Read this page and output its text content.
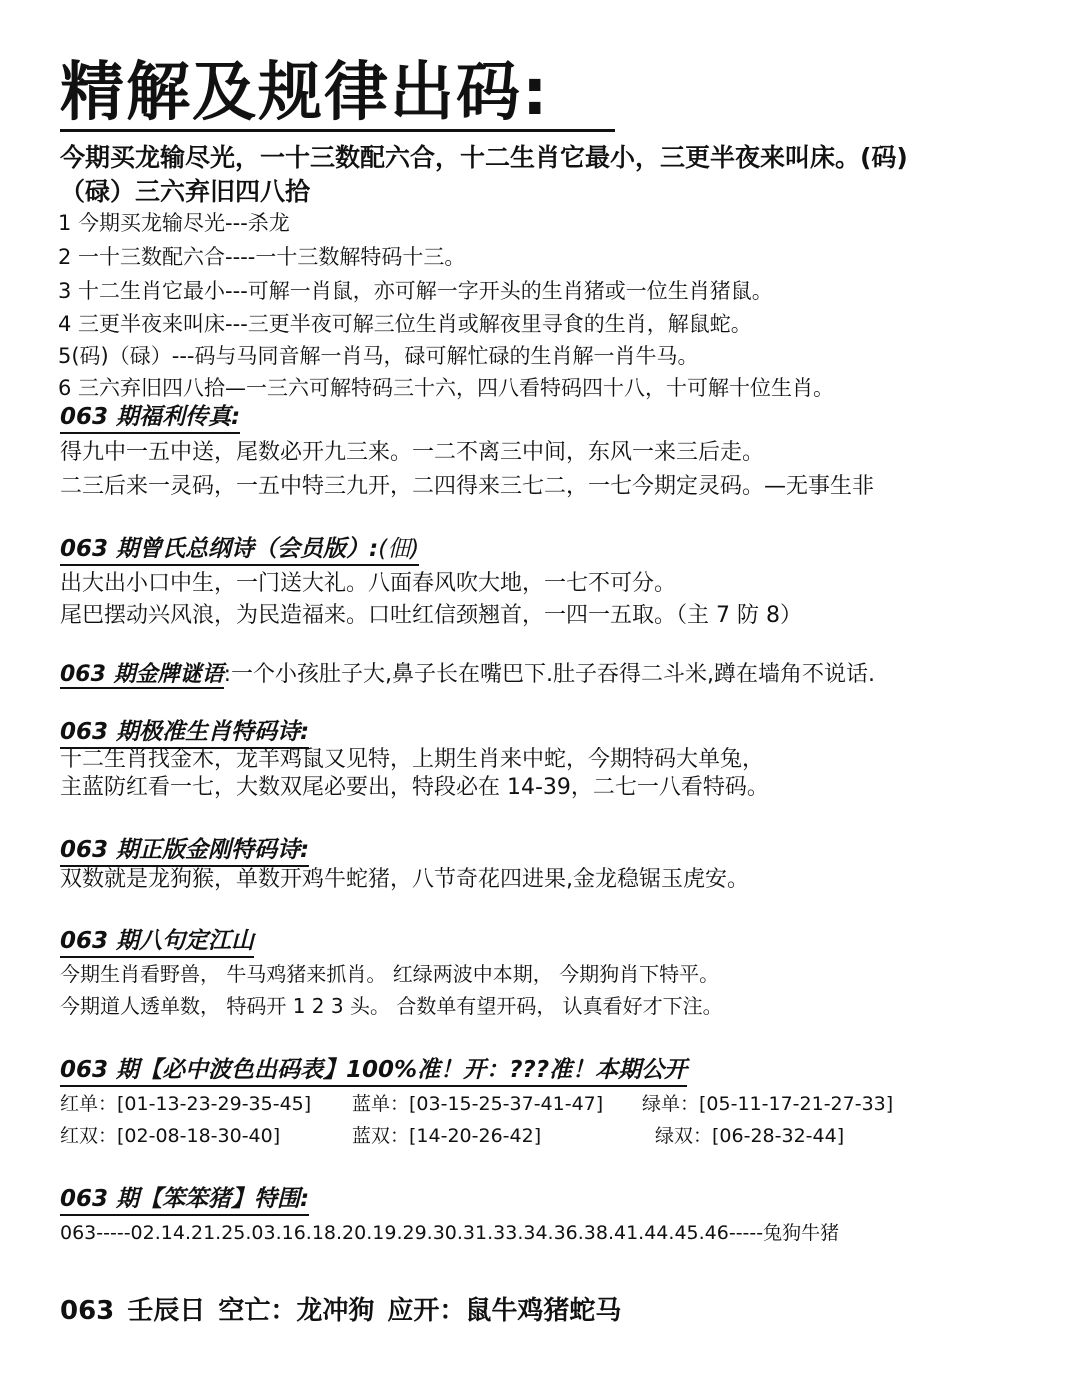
精解及规律出码:
今期买龙输尽光，一十三数配六合，十二生肖它最小，三更半夜来叫床。(码)
（碌）三六弃旧四八拾
1 今期买龙输尽光---杀龙
2 一十三数配六合----一十三数解特码十三。
3 十二生肖它最小---可解一肖鼠，亦可解一字开头的生肖猪或一位生肖猪鼠。
4 三更半夜来叫床---三更半夜可解三位生肖或解夜里寻食的生肖，解鼠蛇。
5(码)（碌）---码与马同音解一肖马，碌可解忙碌的生肖解一肖牛马。
6 三六弃旧四八拾—一三六可解特码三十六，四八看特码四十八，十可解十位生肖。
063 期福利传真:
得九中一五中送，尾数必开九三来。一二不离三中间，东风一来三后走。
二三后来一灵码，一五中特三九开，二四得来三七二，一七今期定灵码。—无事生非
063 期曾氏总纲诗（会员版）:(佃)
出大出小口中生，一门送大礼。八面春风吹大地，一七不可分。
尾巴摆动兴风浪，为民造福来。口吐红信颈翘首，一四一五取。（主 7 防 8）
063 期金牌谜语:一个小孩肚子大,鼻子长在嘴巴下.肚子吞得二斗米,蹲在墙角不说话.
063 期极准生肖特码诗:
十二生肖找金木，龙羊鸡鼠又见特，上期生肖来中蛇，今期特码大单兔，
主蓝防红看一七，大数双尾必要出，特段必在 14-39，二七一八看特码。
063 期正版金刚特码诗:
双数就是龙狗猴，单数开鸡牛蛇猪，八节奇花四进果,金龙稳锯玉虎安。
063 期八句定江山
今期生肖看野兽， 牛马鸡猪来抓肖。 红绿两波中本期， 今期狗肖下特平。
今期道人透单数， 特码开 1 2 3 头。 合数单有望开码， 认真看好才下注。
063 期【必中波色出码表】100%准！开：???准！本期公开
红单：[01-13-23-29-35-45] 蓝单：[03-15-25-37-41-47] 绿单：[05-11-17-21-27-33]
红双：[02-08-18-30-40]	蓝双：[14-20-26-42]	绿双：[06-28-32-44]
063 期【笨笨猪】特围:
063-----02.14.21.25.03.16.18.20.19.29.30.31.33.34.36.38.41.44.45.46-----兔狗牛猪
063 壬辰日 空亡：龙冲狗 应开：鼠牛鸡猪蛇马
